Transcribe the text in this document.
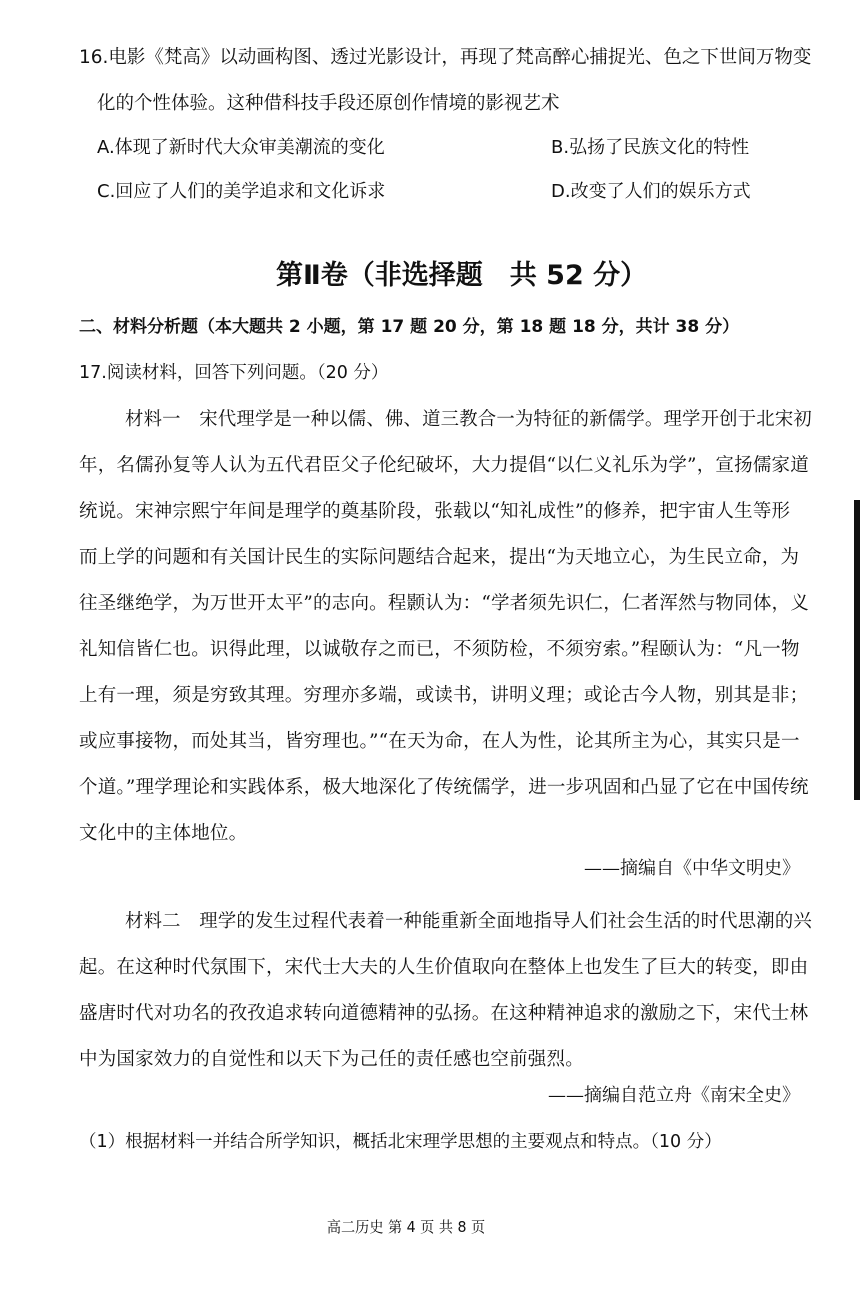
16.电影《梵高》以动画构图、透过光影设计，再现了梵高醉心捕捉光、色之下世间万物变
化的个性体验。这种借科技手段还原创作情境的影视艺术
A.体现了新时代大众审美潮流的变化	B.弘扬了民族文化的特性
C.回应了人们的美学追求和文化诉求	D.改变了人们的娱乐方式
第Ⅱ卷（非选择题　共 52 分）
二、材料分析题（本大题共 2 小题，第 17 题 20 分，第 18 题 18 分，共计 38 分）
17.阅读材料，回答下列问题。（20 分）
材料一　宋代理学是一种以儒、佛、道三教合一为特征的新儒学。理学开创于北宋初
年，名儒孙复等人认为五代君臣父子伦纪破坏，大力提倡“以仁义礼乐为学”，宣扬儒家道
统说。宋神宗熙宁年间是理学的奠基阶段，张载以“知礼成性”的修养，把宇宙人生等形
而上学的问题和有关国计民生的实际问题结合起来，提出“为天地立心，为生民立命，为
往圣继绝学，为万世开太平”的志向。程颢认为：“学者须先识仁，仁者浑然与物同体，义
礼知信皆仁也。识得此理，以诚敬存之而已，不须防检，不须穷索。”程颐认为：“凡一物
上有一理，须是穷致其理。穷理亦多端，或读书，讲明义理；或论古今人物，别其是非；
或应事接物，而处其当，皆穷理也。”“在天为命，在人为性，论其所主为心，其实只是一
个道。”理学理论和实践体系，极大地深化了传统儒学，进一步巩固和凸显了它在中国传统
文化中的主体地位。
——摘编自《中华文明史》
材料二　理学的发生过程代表着一种能重新全面地指导人们社会生活的时代思潮的兴
起。在这种时代氛围下，宋代士大夫的人生价值取向在整体上也发生了巨大的转变，即由
盛唐时代对功名的孜孜追求转向道德精神的弘扬。在这种精神追求的激励之下，宋代士林
中为国家效力的自觉性和以天下为己任的责任感也空前强烈。
——摘编自范立舟《南宋全史》
（1）根据材料一并结合所学知识，概括北宋理学思想的主要观点和特点。（10 分）
高二历史 第 4 页 共 8 页
